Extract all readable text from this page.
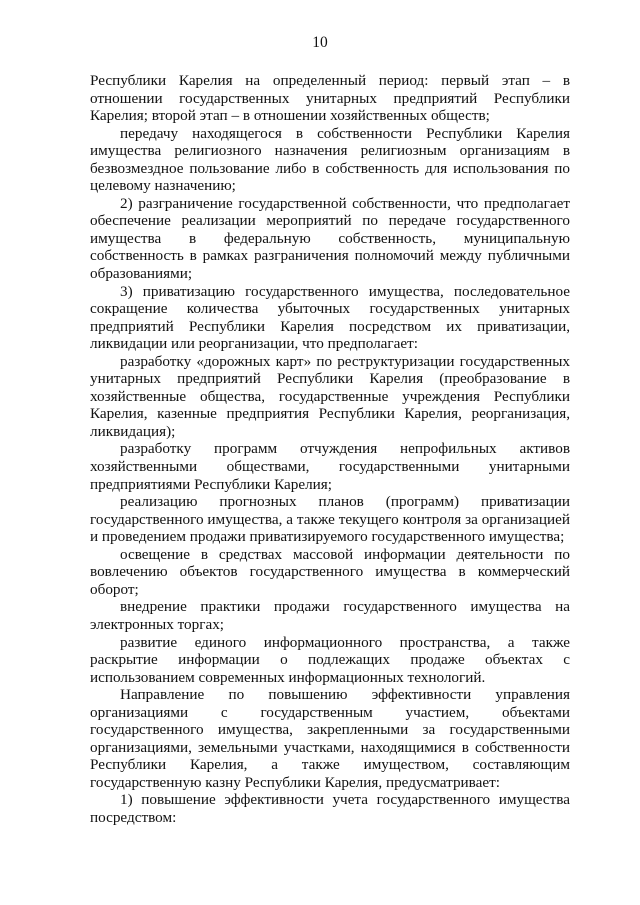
10

Республики Карелия на определенный период: первый этап – в отношении государственных унитарных предприятий Республики Карелия; второй этап – в отношении хозяйственных обществ;

передачу находящегося в собственности Республики Карелия имущества религиозного назначения религиозным организациям в безвозмездное пользование либо в собственность для использования по целевому назначению;

2) разграничение государственной собственности, что предполагает обеспечение реализации мероприятий по передаче государственного имущества в федеральную собственность, муниципальную собственность в рамках разграничения полномочий между публичными образованиями;

3) приватизацию государственного имущества, последовательное сокращение количества убыточных государственных унитарных предприятий Республики Карелия посредством их приватизации, ликвидации или реорганизации, что предполагает:

разработку «дорожных карт» по реструктуризации государственных унитарных предприятий Республики Карелия (преобразование в хозяйственные общества, государственные учреждения Республики Карелия, казенные предприятия Республики Карелия, реорганизация, ликвидация);

разработку программ отчуждения непрофильных активов хозяйственными обществами, государственными унитарными предприятиями Республики Карелия;

реализацию прогнозных планов (программ) приватизации государственного имущества, а также текущего контроля за организацией и проведением продажи приватизируемого государственного имущества;

освещение в средствах массовой информации деятельности по вовлечению объектов государственного имущества в коммерческий оборот;

внедрение практики продажи государственного имущества на электронных торгах;

развитие единого информационного пространства, а также раскрытие информации о подлежащих продаже объектах с использованием современных информационных технологий.

Направление по повышению эффективности управления организациями с государственным участием, объектами государственного имущества, закрепленными за государственными организациями, земельными участками, находящимися в собственности Республики Карелия, а также имуществом, составляющим государственную казну Республики Карелия, предусматривает:

1) повышение эффективности учета государственного имущества посредством:
